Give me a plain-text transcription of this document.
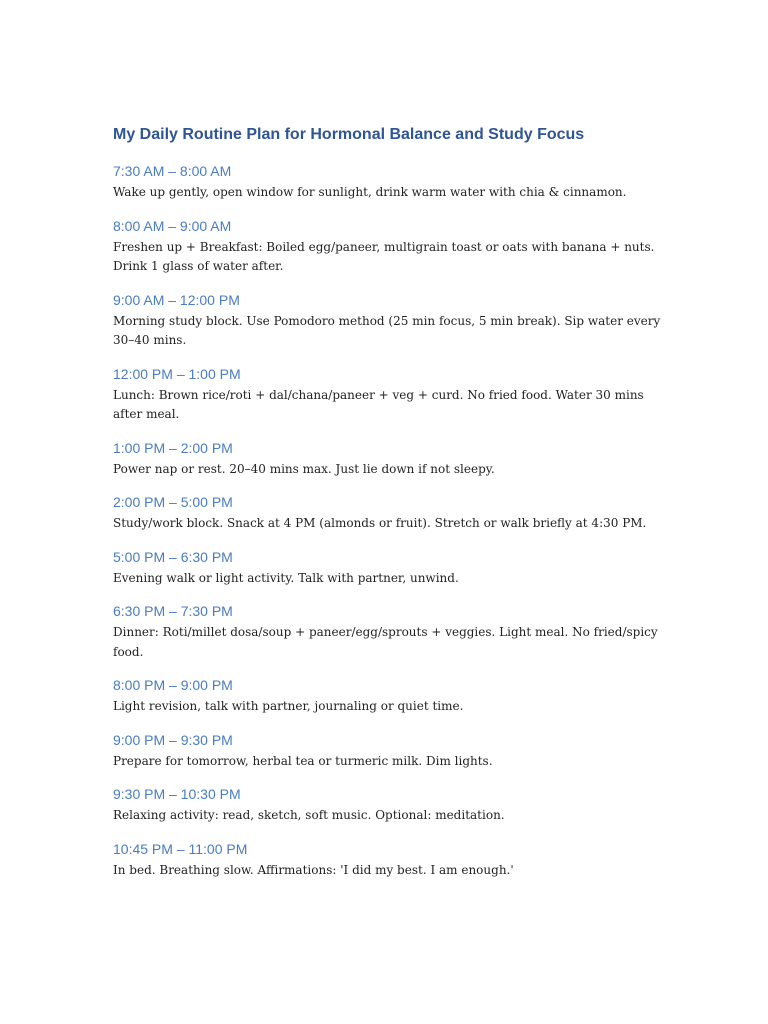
My Daily Routine Plan for Hormonal Balance and Study Focus
7:30 AM – 8:00 AM

Wake up gently, open window for sunlight, drink warm water with chia & cinnamon.

8:00 AM – 9:00 AM

Freshen up + Breakfast: Boiled egg/paneer, multigrain toast or oats with banana + nuts. Drink 1 glass of water after.

9:00 AM – 12:00 PM

Morning study block. Use Pomodoro method (25 min focus, 5 min break). Sip water every 30–40 mins.

12:00 PM – 1:00 PM

Lunch: Brown rice/roti + dal/chana/paneer + veg + curd. No fried food. Water 30 mins after meal.

1:00 PM – 2:00 PM

Power nap or rest. 20–40 mins max. Just lie down if not sleepy.

2:00 PM – 5:00 PM

Study/work block. Snack at 4 PM (almonds or fruit). Stretch or walk briefly at 4:30 PM.

5:00 PM – 6:30 PM

Evening walk or light activity. Talk with partner, unwind.

6:30 PM – 7:30 PM

Dinner: Roti/millet dosa/soup + paneer/egg/sprouts + veggies. Light meal. No fried/spicy food.

8:00 PM – 9:00 PM

Light revision, talk with partner, journaling or quiet time.

9:00 PM – 9:30 PM

Prepare for tomorrow, herbal tea or turmeric milk. Dim lights.

9:30 PM – 10:30 PM

Relaxing activity: read, sketch, soft music. Optional: meditation.

10:45 PM – 11:00 PM

In bed. Breathing slow. Affirmations: 'I did my best. I am enough.'
